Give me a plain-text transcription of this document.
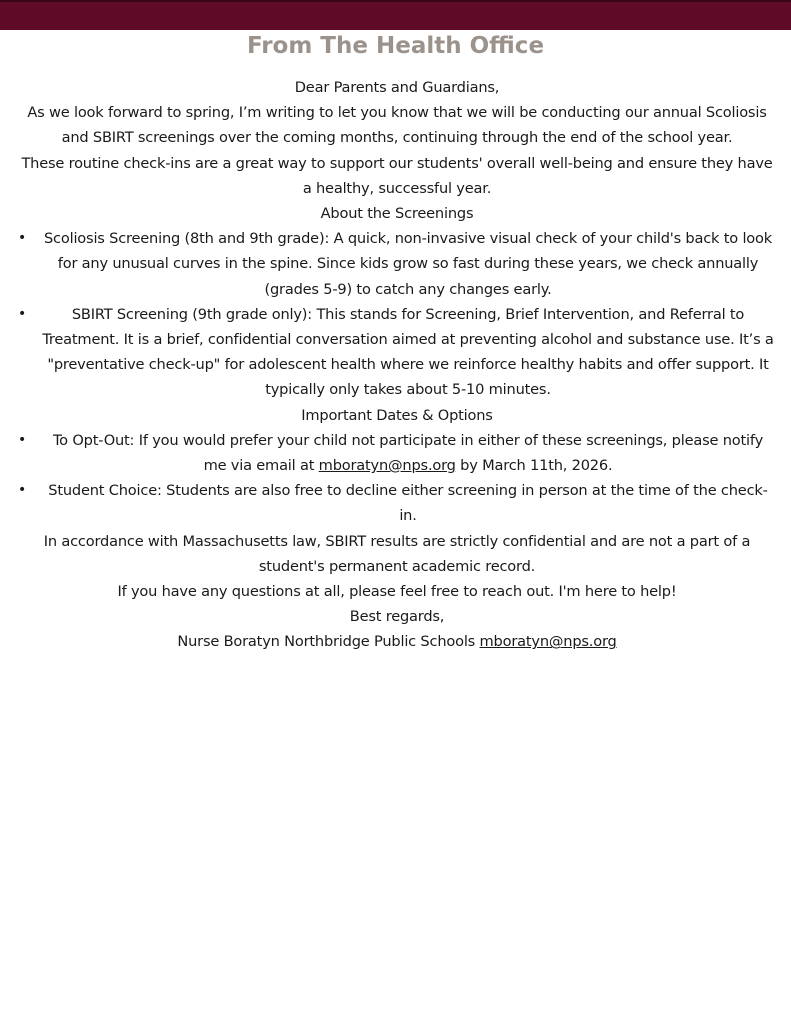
From The Health Office

Dear Parents and Guardians,

As we look forward to spring, I’m writing to let you know that we will be conducting our annual Scoliosis and SBIRT screenings over the coming months, continuing through the end of the school year.

These routine check-ins are a great way to support our students' overall well-being and ensure they have a healthy, successful year.

About the Screenings

• Scoliosis Screening (8th and 9th grade): A quick, non-invasive visual check of your child's back to look for any unusual curves in the spine. Since kids grow so fast during these years, we check annually (grades 5-9) to catch any changes early.
•	SBIRT Screening (9th grade only): This stands for Screening, Brief Intervention, and Referral to Treatment. It is a brief, confidential conversation aimed at preventing alcohol and substance use. It’s a "preventative check-up" for adolescent health where we reinforce healthy habits and offer support. It typically only takes about 5-10 minutes.

Important Dates & Options

• To Opt-Out: If you would prefer your child not participate in either of these screenings, please notify me via email at mboratyn@nps.org by March 11th, 2026.
• Student Choice: Students are also free to decline either screening in person at the time of the check-in.

In accordance with Massachusetts law, SBIRT results are strictly confidential and are not a part of a student's permanent academic record.

If you have any questions at all, please feel free to reach out. I'm here to help!

Best regards,

Nurse Boratyn Northbridge Public Schools mboratyn@nps.org
